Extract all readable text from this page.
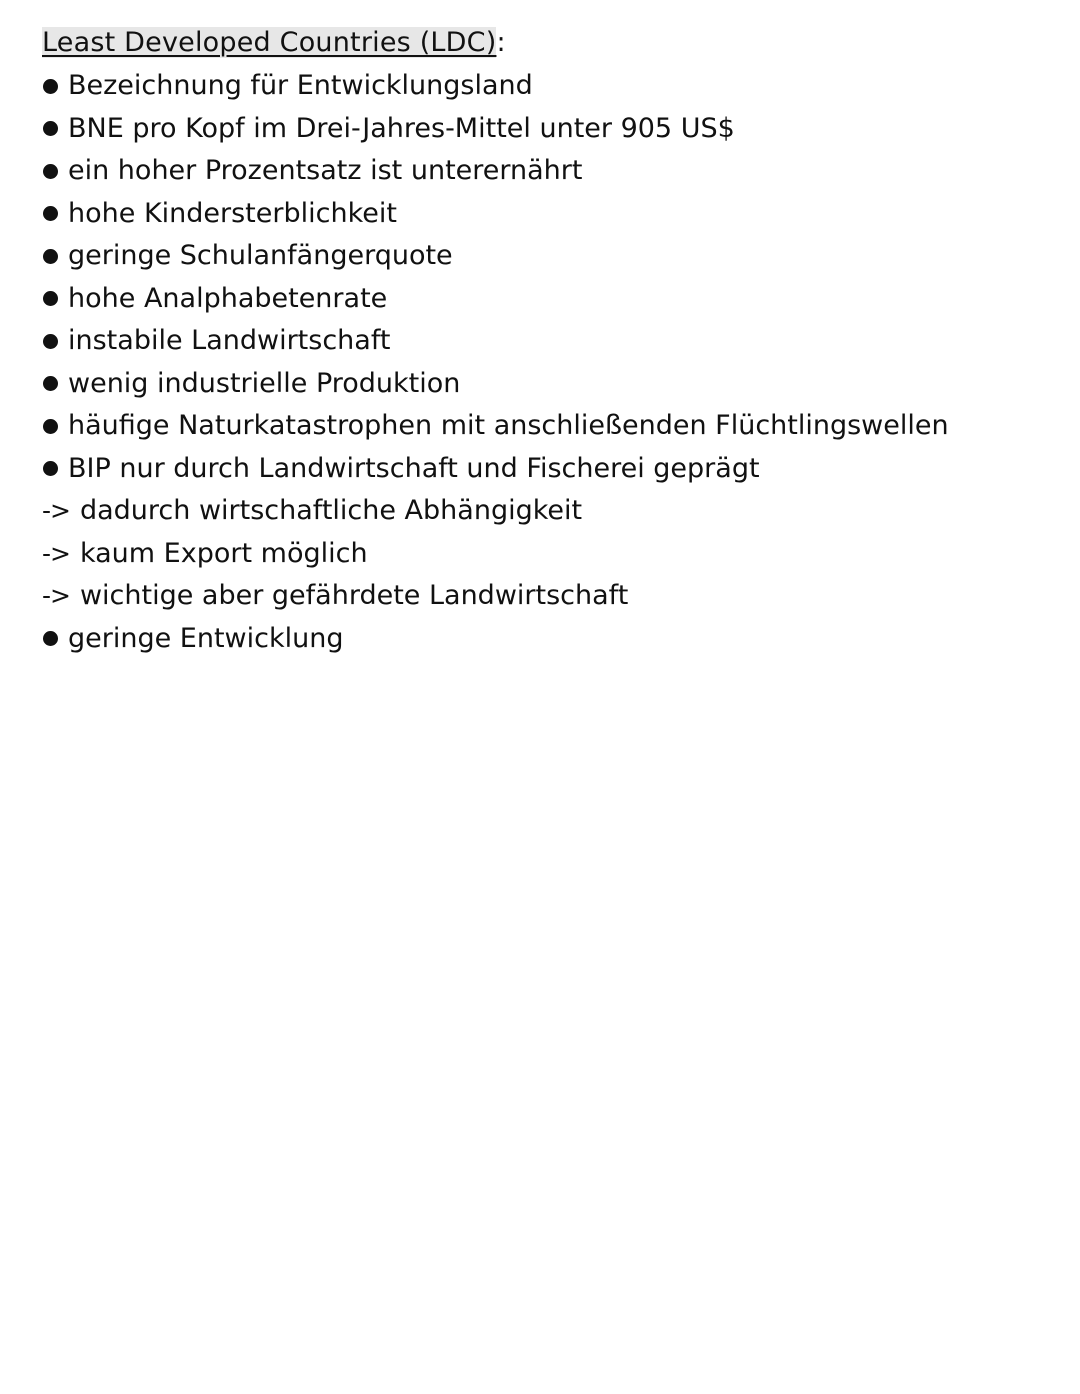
Least Developed Countries (LDC):
Bezeichnung für Entwicklungsland
BNE pro Kopf im Drei-Jahres-Mittel unter 905 US$
ein hoher Prozentsatz ist unterernährt
hohe Kindersterblichkeit
geringe Schulanfängerquote
hohe Analphabetenrate
instabile Landwirtschaft
wenig industrielle Produktion
häufige Naturkatastrophen mit anschließenden Flüchtlingswellen
BIP nur durch Landwirtschaft und Fischerei geprägt
-> dadurch wirtschaftliche Abhängigkeit
-> kaum Export möglich
-> wichtige aber gefährdete Landwirtschaft
geringe Entwicklung
